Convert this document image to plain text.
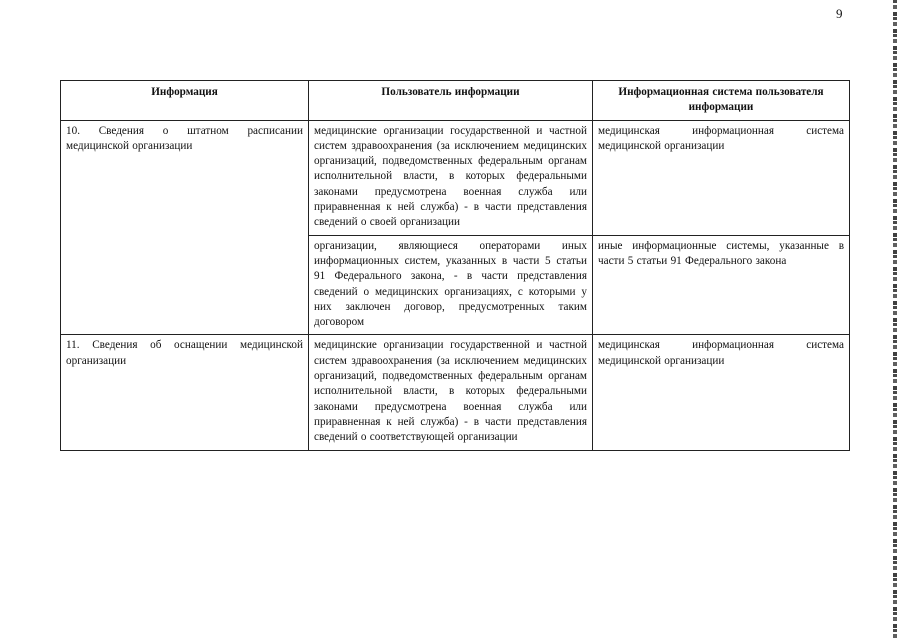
9
Информация	Пользователь информации	Информационная система пользователя информации
10. Сведения о штатном расписании медицинской организации	медицинские организации государственной и частной систем здравоохранения (за исключением медицинских организаций, подведомственных федеральным органам исполнительной власти, в которых федеральными законами предусмотрена военная служба или приравненная к ней служба) - в части представления сведений о своей организации	медицинская информационная система медицинской организации
	организации, являющиеся операторами иных информационных систем, указанных в части 5 статьи 91 Федерального закона, - в части представления сведений о медицинских организациях, с которыми у них заключен договор, предусмотренных таким договором	иные информационные системы, указанные в части 5 статьи 91 Федерального закона
11. Сведения об оснащении медицинской организации	медицинские организации государственной и частной систем здравоохранения (за исключением медицинских организаций, подведомственных федеральным органам исполнительной власти, в которых федеральными законами предусмотрена военная служба или приравненная к ней служба) - в части представления сведений о соответствующей организации	медицинская информационная система медицинской организации
